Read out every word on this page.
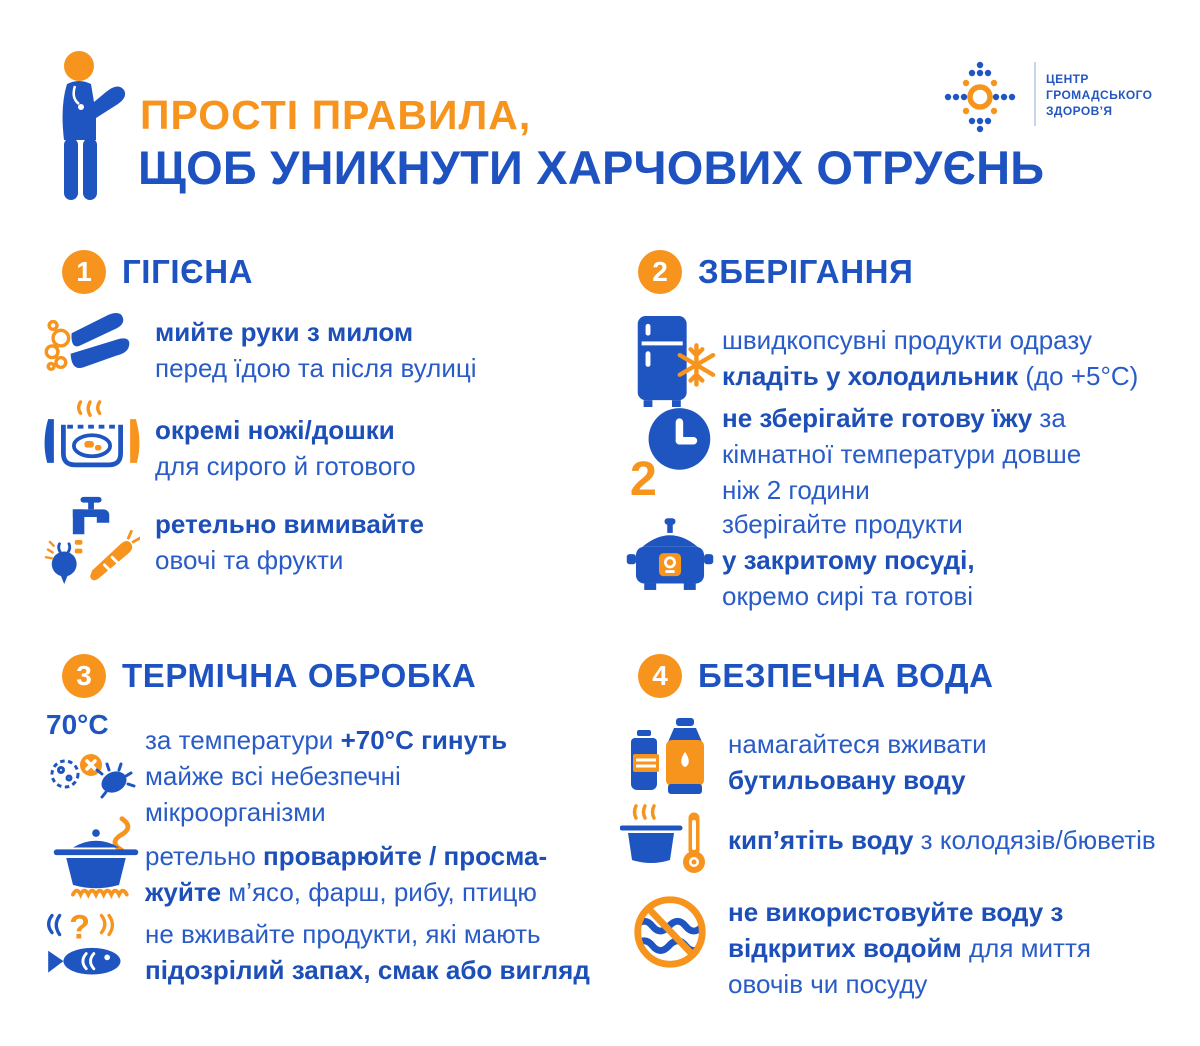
ПРОСТІ ПРАВИЛА,
ЩОБ УНИКНУТИ ХАРЧОВИХ ОТРУЄНЬ
ЦЕНТР
ГРОМАДСЬКОГО
ЗДОРОВ’Я
1 ГІГІЄНА	2 ЗБЕРІГАННЯ
3 ТЕРМІЧНА ОБРОБКА	4 БЕЗПЕЧНА ВОДА
мийте руки з милом
перед їдою та після вулиці
окремі ножі/дошки
для сирого й готового
ретельно вимивайте
овочі та фрукти
швидкопсувні продукти одразу
кладіть у холодильник (до +5°С)
2
не зберігайте готову їжу за
кімнатної температури довше
ніж 2 години
зберігайте продукти
у закритому посуді,
окремо сирі та готові
70°С за температури +70°С гинуть
майже всі небезпечні
мікроорганізми
ретельно проварюйте / просма-
жуйте м’ясо, фарш, рибу, птицю
? не вживайте продукти, які мають
підозрілий запах, смак або вигляд
намагайтеся вживати
бутильовану воду
кип’ятіть воду з колодязів/бюветів
не використовуйте воду з
відкритих водойм для миття
овочів чи посуду
